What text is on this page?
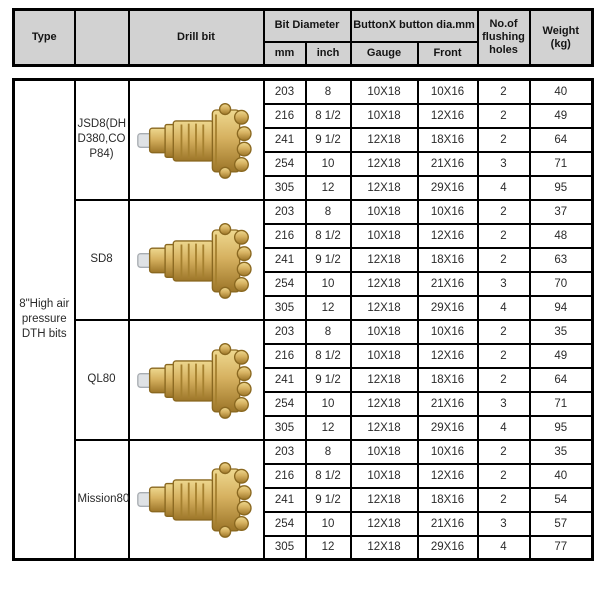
Type		Drill bit	Bit Diameter		ButtonX button dia.mm		No.of flushing holes	Weight (kg)
			mm	inch	Gauge	Front		
8"High air pressure DTH bits	JSD8(DH D380,CO P84)		203	8	10X18	10X16	2	40
			216	8 1/2	10X18	12X16	2	49
			241	9 1/2	12X18	18X16	2	64
			254	10	12X18	21X16	3	71
			305	12	12X18	29X16	4	95
	SD8		203	8	10X18	10X16	2	37
			216	8 1/2	10X18	12X16	2	48
			241	9 1/2	12X18	18X16	2	63
			254	10	12X18	21X16	3	70
			305	12	12X18	29X16	4	94
	QL80		203	8	10X18	10X16	2	35
			216	8 1/2	10X18	12X16	2	49
			241	9 1/2	12X18	18X16	2	64
			254	10	12X18	21X16	3	71
			305	12	12X18	29X16	4	95
	Mission80		203	8	10X18	10X16	2	35
			216	8 1/2	10X18	12X16	2	40
			241	9 1/2	12X18	18X16	2	54
			254	10	12X18	21X16	3	57
			305	12	12X18	29X16	4	77
